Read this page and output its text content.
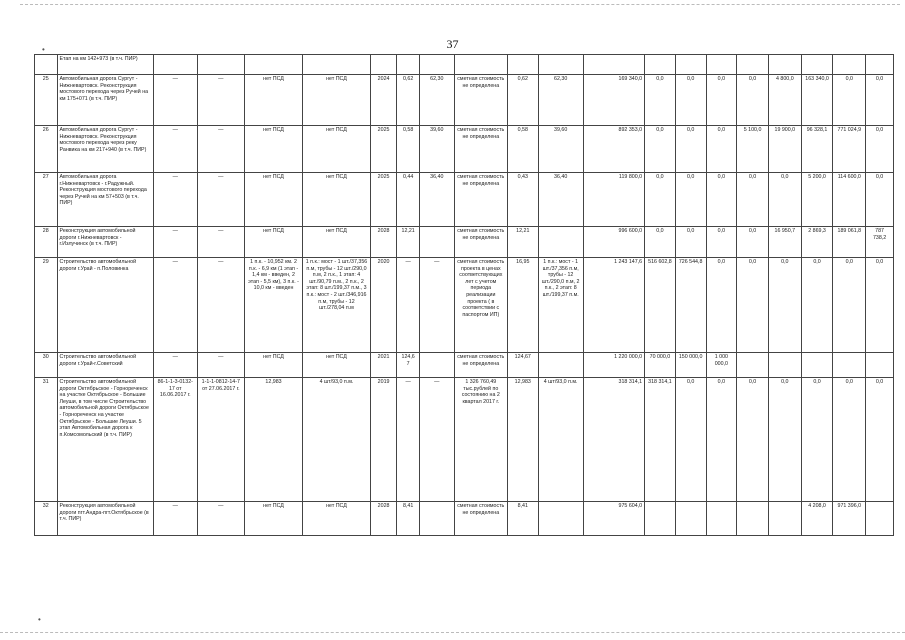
37
•
	Етап на км 142+973 (в т.ч. ПИР)																			
25	Автомобильная дорога Сургут - Нижневартовск. Реконструкция мостового перехода через Ручей на км 175+071 (в т.ч. ПИР)	—	—	нет ПСД	нет ПСД	2024	0,62	62,30	сметная стоимость не определена	0,62	62,30	169 340,0	0,0	0,0	0,0	0,0	4 800,0	163 340,0	0,0	0,0
26	Автомобильная дорога Сургут - Нижневартовск. Реконструкция мостового перехода через реку Ранвика на км 217+940 (в т.ч. ПИР)	—	—	нет ПСД	нет ПСД	2025	0,58	39,60	сметная стоимость не определена	0,58	39,60	892 353,0	0,0	0,0	0,0	5 100,0	19 900,0	96 328,1	771 024,9	0,0
27	Автомобильная дорога г.Нижневартовск - г.Радужный. Реконструкция мостового перехода через Ручей на км 57+503 (в т.ч. ПИР)	—	—	нет ПСД	нет ПСД	2025	0,44	36,40	сметная стоимость не определена	0,43	36,40	119 800,0	0,0	0,0	0,0	0,0	0,0	5 200,0	114 600,0	0,0
28	Реконструкция автомобильной дороги г.Нижневартовск - г.Излучинск (в т.ч. ПИР)	—	—	нет ПСД	нет ПСД	2028	12,21		сметная стоимость не определена	12,21		996 600,0	0,0	0,0	0,0	0,0	16 950,7	2 869,3	189 061,8	787 738,2
29	Строительство автомобильной дороги г.Урай - п.Половинка	—	—	1 п.к. - 10,952 км. 2 п.к. - 6,9 км (1 этап - 1,4 км - введен, 2 этап - 5,5 км), 3 п.к. - 10,0 км - введен	1 п.к.: мост - 1 шт./37,356 п.м, трубы - 12 шт./290,0 п.м, 2 п.к., 1 этап: 4 шт./90,79 п.м., 2 п.к., 2 этап: 8 шт./199,37 п.м., 3 п.к.: мост - 2 шт./346,916 п.м, трубы - 12 шт./278,04 п.м	2020	—	—	сметная стоимость проекта в ценах соответствующих лет с учетом периода реализации проекта ( в соответствии с паспортом ИП)	16,95	1 п.к.: мост - 1 шт./37,356 п.м, трубы - 12 шт./290,0 п.м, 2 п.к., 2 этап: 8 шт./199,37 п.м.	1 243 147,6	516 602,8	726 544,8	0,0	0,0	0,0	0,0	0,0	0,0
30	Строительство автомобильной дороги г.Урай-г.Советский	—	—	нет ПСД	нет ПСД	2021	124,6 7		сметная стоимость не определена	124,67		1 220 000,0	70 000,0	150 000,0	1 000 000,0					
31	Строительство автомобильной дороги Октябрьское - Горнореченск на участке Октябрьское - Большие Леуши, в том числе Строительство автомобильной дороги Октябрьское - Горнореченск на участке Октябрьское - Большие Леуши. 5 этап Автомобильная дорога к п.Комсомольский (в т.ч. ПИР)	86-1-1-3-0132-17 от 16.06.2017 г.	1-1-1-0812-14-7 от 27.06.2017 г.	12,983	4 шт/93,0 п.м.	2019	—	—	1 326 760,49 тыс.рублей по состоянию на 2 квартал 2017 г.	12,983	4 шт/93,0 п.м.	318 314,1	318 314,1	0,0	0,0	0,0	0,0	0,0	0,0	0,0
32	Реконструкция автомобильной дороги пгт.Андра-пгт.Октябрьское (в т.ч. ПИР)	—	—	нет ПСД	нет ПСД	2028	8,41		сметная стоимость не определена	8,41		975 604,0						4 208,0	971 396,0	
•
